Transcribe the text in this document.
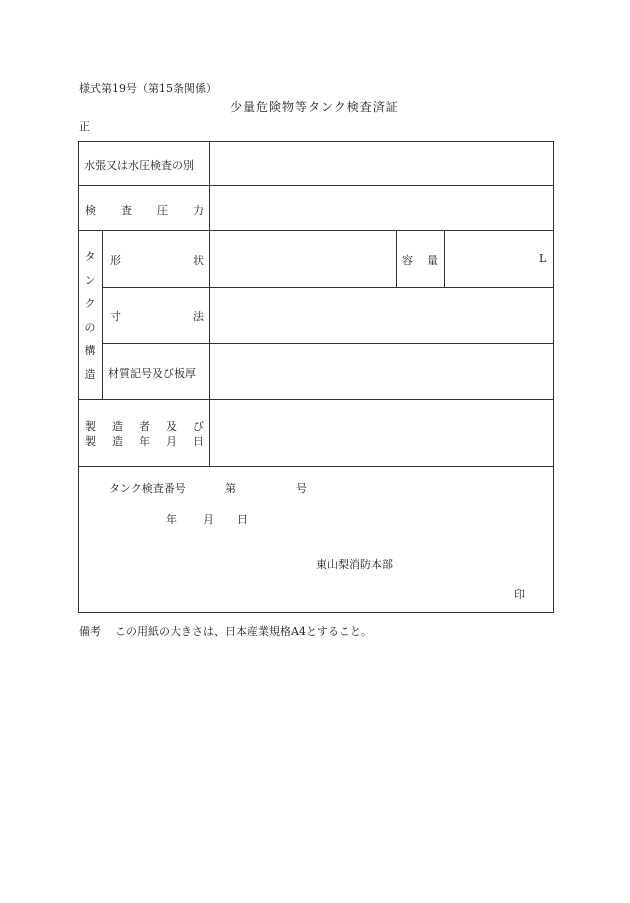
様式第19号（第15条関係）
少量危険物等タンク検査済証
正
水張又は水圧検査の別
検 査 圧 力
タ
ン
ク
の
構
造
形	状	容 量	L
寸	法
材質記号及び板厚
製 造 者 及 び
製 造 年 月 日
タンク検査番号	第	号
年 月 日
東山梨消防本部
印
備考 この用紙の大きさは、日本産業規格A4とすること。
